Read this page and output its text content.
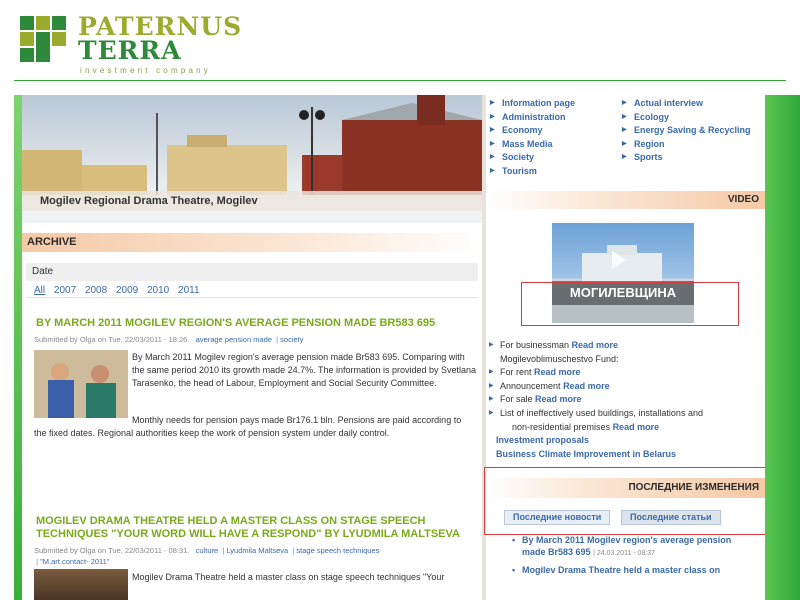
PATERNUS
TERRA
investment company
Mogilev Regional Drama Theatre, Mogilev
ARCHIVE
Date
All 2007 2008 2009 2010 2011
BY MARCH 2011 MOGILEV REGION'S AVERAGE PENSION MADE BR583 695
Submitted by Olga on Tue, 22/03/2011 - 18:26. average pension made  | society
By March 2011 Mogilev region's average pension made Br583 695. Comparing with the same period 2010 its growth made 24.7%. The information is provided by Svetlana Tarasenko, the head of Labour, Employment and Social Security Committee.
Monthly needs for pension pays made Br176.1 bln. Pensions are paid according to the fixed dates. Regional authorities keep the work of pension system under daily control.
MOGILEV DRAMA THEATRE HELD A MASTER CLASS ON STAGE SPEECH TECHNIQUES "YOUR WORD WILL HAVE A RESPOND" BY LYUDMILA MALTSEVA
Submitted by Olga on Tue, 22/03/2011 - 08:31. culture  | Lyudmila Maltseva  | stage speech techniques
| "M.art.contact- 2011"
Mogilev Drama Theatre held a master class on stage speech techniques "Your
▶ Information page
▶ Administration
▶ Economy
▶ Mass Media
▶ Society
▶ Tourism
▶ Actual interview
▶ Ecology
▶ Energy Saving & Recycling
▶ Region
▶ Sports
VIDEO
МОГИЛЕВЩИНА
▶ For businessman Read more
Mogilevoblimuschestvo Fund:
▶ For rent Read more
▶ Announcement Read more
▶ For sale Read more
▶ List of ineffectively used buildings, installations and
non-residential premises Read more
Investment proposals
Business Climate Improvement in Belarus
ПОСЛЕДНИЕ ИЗМЕНЕНИЯ
Последние новости	Последние статьи
• By March 2011 Mogilev region's average pension made Br583 695 | 24.03.2011 - 08:37
• Mogilev Drama Theatre held a master class on
